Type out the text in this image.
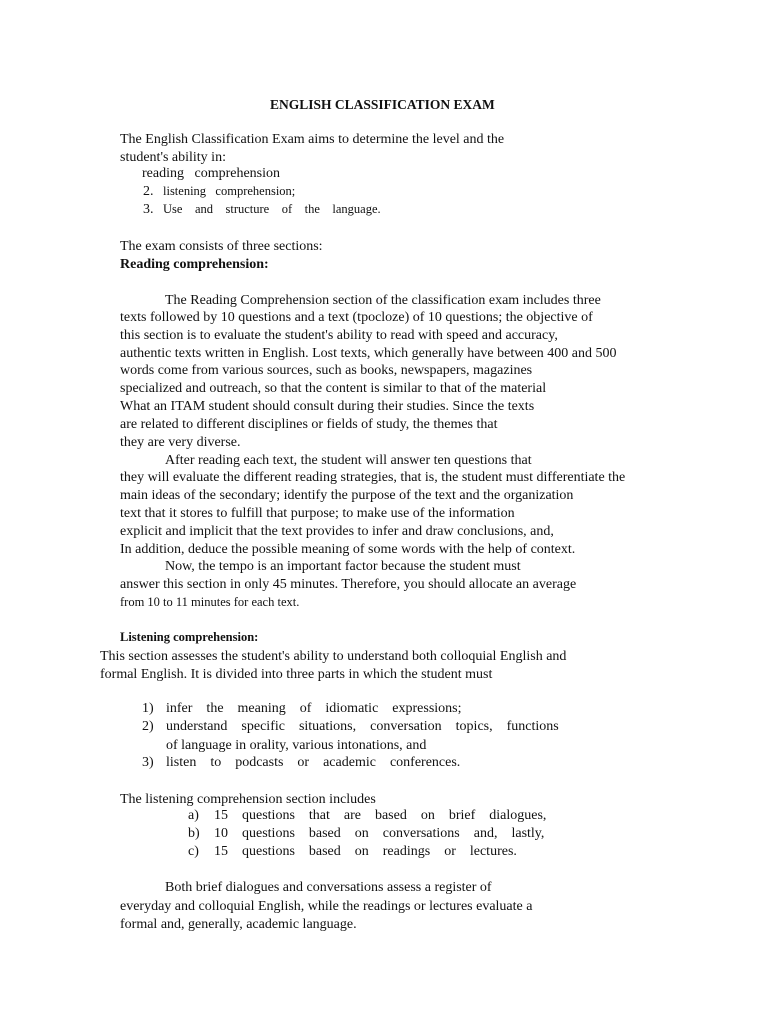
ENGLISH CLASSIFICATION EXAM
The English Classification Exam aims to determine the level and the
student's ability in:
reading   comprehension
2. listening   comprehension;
3. Use    and    structure    of    the    language.
The exam consists of three sections:
Reading comprehension:
The Reading Comprehension section of the classification exam includes three
texts followed by 10 questions and a text (tpocloze) of 10 questions; the objective of
this section is to evaluate the student's ability to read with speed and accuracy,
authentic texts written in English. Lost texts, which generally have between 400 and 500
words come from various sources, such as books, newspapers, magazines
specialized and outreach, so that the content is similar to that of the material
What an ITAM student should consult during their studies. Since the texts
are related to different disciplines or fields of study, the themes that
they are very diverse.
After reading each text, the student will answer ten questions that
they will evaluate the different reading strategies, that is, the student must differentiate the
main ideas of the secondary; identify the purpose of the text and the organization
text that it stores to fulfill that purpose; to make use of the information
explicit and implicit that the text provides to infer and draw conclusions, and,
In addition, deduce the possible meaning of some words with the help of context.
Now, the tempo is an important factor because the student must
answer this section in only 45 minutes. Therefore, you should allocate an average
from 10 to 11 minutes for each text.
Listening comprehension:
This section assesses the student's ability to understand both colloquial English and
formal English. It is divided into three parts in which the student must
1) infer    the    meaning    of    idiomatic    expressions;
2) understand    specific    situations,    conversation    topics,    functions
of language in orality, various intonations, and
3) listen    to    podcasts    or    academic    conferences.
The listening comprehension section includes
a) 15    questions    that    are    based    on    brief    dialogues,
b) 10    questions    based    on    conversations    and,    lastly,
c) 15    questions    based    on    readings    or    lectures.
Both brief dialogues and conversations assess a register of
everyday and colloquial English, while the readings or lectures evaluate a
formal and, generally, academic language.
